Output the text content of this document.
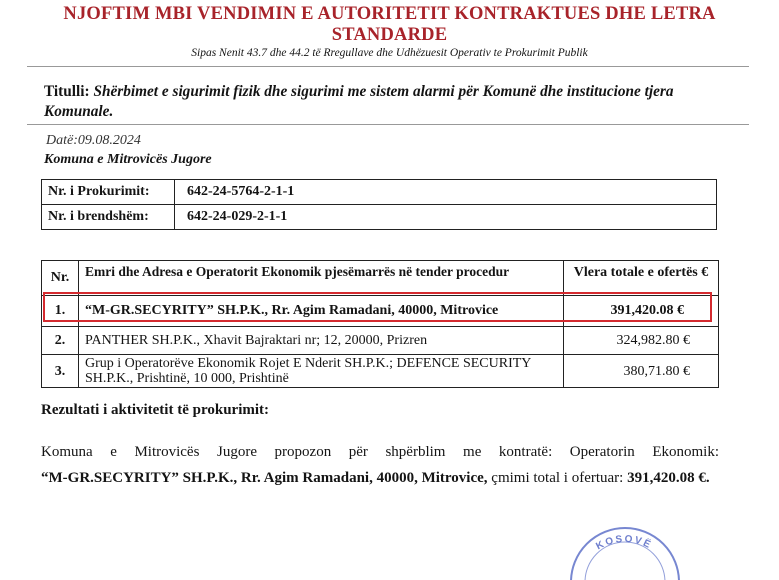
NJOFTIM MBI VENDIMIN E AUTORITETIT KONTRAKTUES DHE LETRA
STANDARDE
Sipas Nenit 43.7 dhe 44.2 të Rregullave dhe Udhëzuesit Operativ te Prokurimit Publik
Titulli: Shërbimet e sigurimit fizik dhe sigurimi me sistem alarmi për Komunë dhe institucione tjera Komunale.
Datë:09.08.2024
Komuna e Mitrovicës Jugore
Nr. i Prokurimit:	642-24-5764-2-1-1
Nr. i brendshëm:	642-24-029-2-1-1
Nr.	Emri dhe Adresa e Operatorit Ekonomik pjesëmarrës në tender procedur	Vlera totale e ofertës €
1.	“M-GR.SECYRITY” SH.P.K., Rr. Agim Ramadani, 40000, Mitrovice	391,420.08 €
2.	PANTHER SH.P.K., Xhavit Bajraktari nr; 12, 20000, Prizren	324,982.80 €
3.	Grup i Operatorëve Ekonomik Rojet E Nderit SH.P.K.; DEFENCE SECURITY SH.P.K., Prishtinë, 10 000, Prishtinë	380,71.80 €
Rezultati i aktivitetit të prokurimit:
Komuna e Mitrovicës Jugore propozon për shpërblim me kontratë: Operatorin Ekonomik:
“M-GR.SECYRITY” SH.P.K., Rr. Agim Ramadani, 40000, Mitrovice, çmimi total i ofertuar: 391,420.08 €.
KOSOVË
